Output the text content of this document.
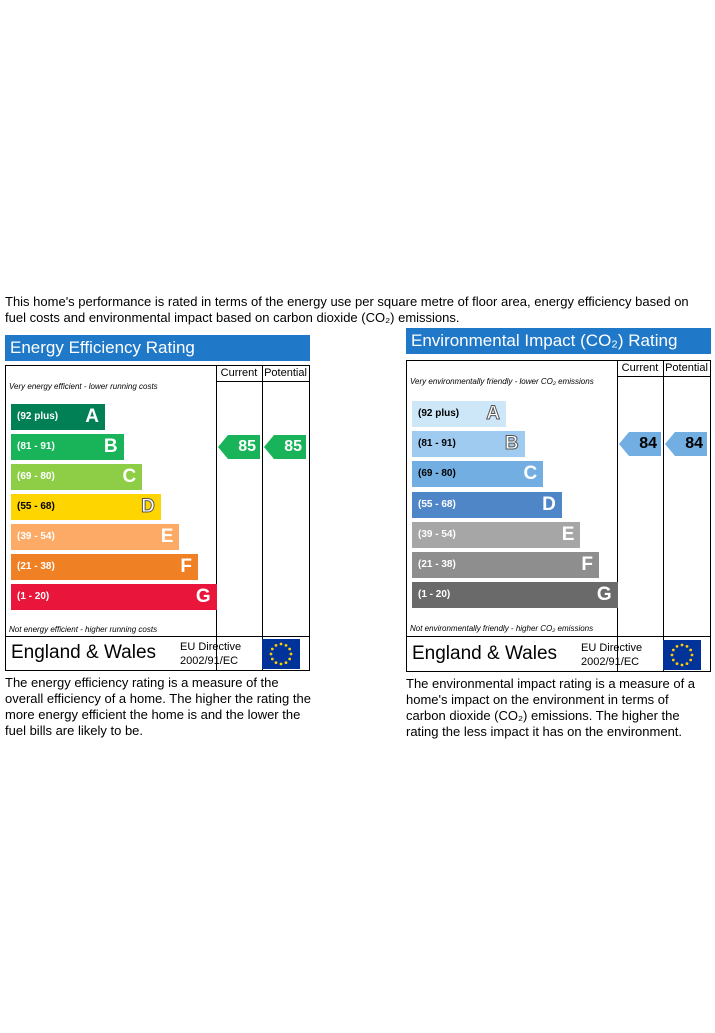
This home's performance is rated in terms of the energy use per square metre of floor area, energy efficiency based on fuel costs and environmental impact based on carbon dioxide (CO₂) emissions.

Energy Efficiency Rating
Current Potential
Very energy efficient - lower running costs
(92 plus) A
(81 - 91)	B
(69 - 80)	C
(55 - 68)	D
(39 - 54)	E
(21 - 38)	F
(1 - 20)	G
85 85
Not energy efficient - higher running costs
England & Wales EU Directive
2002/91/EC

The energy efficiency rating is a measure of the overall efficiency of a home. The higher the rating the more energy efficient the home is and the lower the fuel bills are likely to be.

Environmental Impact (CO₂) Rating
Current Potential
Very environmentally friendly - lower CO₂ emissions
(92 plus) A
(81 - 91)	B
(69 - 80)	C
(55 - 68)	D
(39 - 54)	E
(21 - 38)	F
(1 - 20)	G
84 84
Not environmentally friendly - higher CO₂ emissions
England & Wales EU Directive
2002/91/EC

The environmental impact rating is a measure of a home's impact on the environment in terms of carbon dioxide (CO₂) emissions. The higher the rating the less impact it has on the environment.
